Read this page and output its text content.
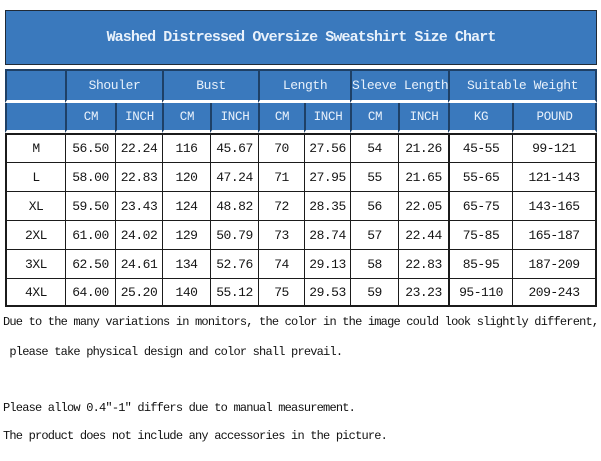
Washed Distressed Oversize Sweatshirt Size Chart
	Shouler		Bust		Length		Sleeve Length		Suitable Weight	
	CM	INCH	CM	INCH	CM	INCH	CM	INCH	KG	POUND
M	56.50	22.24	116	45.67	70	27.56	54	21.26	45-55	99-121
L	58.00	22.83	120	47.24	71	27.95	55	21.65	55-65	121-143
XL	59.50	23.43	124	48.82	72	28.35	56	22.05	65-75	143-165
2XL	61.00	24.02	129	50.79	73	28.74	57	22.44	75-85	165-187
3XL	62.50	24.61	134	52.76	74	29.13	58	22.83	85-95	187-209
4XL	64.00	25.20	140	55.12	75	29.53	59	23.23	95-110	209-243

Due to the many variations in monitors, the color in the image could look slightly different,

please take physical design and color shall prevail.

Please allow 0.4"-1" differs due to manual measurement.

The product does not include any accessories in the picture.
